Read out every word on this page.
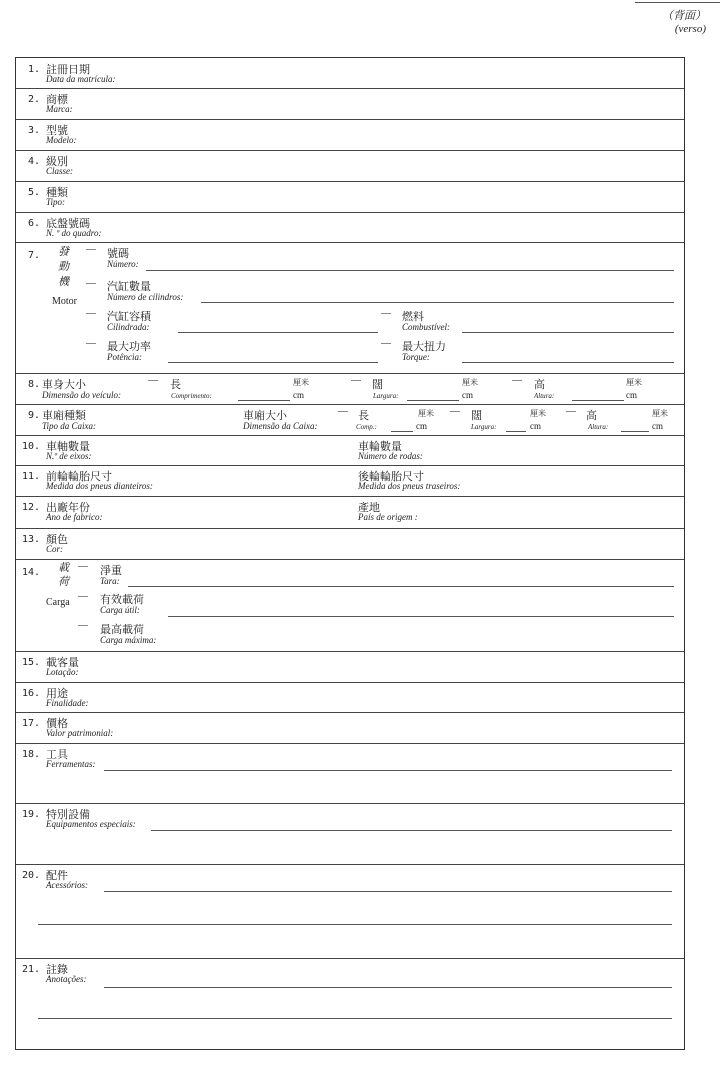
（背面）
(verso)
1. 註冊日期
Data da matrícula:
2. 商標
Marca:
3. 型號
Modelo:
4. 級別
Classe:
5. 種類
Tipo:
6. 底盤號碼
N. º do quadro:
7. 發動機
Motor
— 號碼
Número:
— 汽缸數量
Número de cilindros:
— 汽缸容積
Cilindrada:
— 燃料
Combustível:
— 最大功率
Potência:
— 最大扭力
Torque:
8. 車身大小
Dimensão do veículo:
— 長
Comprimento:
厘米
cm
— 闊
Largura:
厘米
cm
— 高
Altura:
厘米
cm
9. 車廂種類
Tipo da Caixa:
車廂大小
Dimensão da Caixa:
— 長
Comp.:
厘米
cm
— 闊
Largura:
厘米
cm
— 高
Altura:
厘米
cm
10. 車軸數量
N.º de eixos:
車輪數量
Número de rodas:
11. 前輪輪胎尺寸
Medida dos pneus dianteiros:
後輪輪胎尺寸
Medida dos pneus traseiros:
12. 出廠年份
Ano de fabrico:
產地
País de origem :
13. 顏色
Cor:
14. 載荷
Carga
— 淨重
Tara:
— 有效載荷
Carga útil:
— 最高載荷
Carga máxima:
15. 載客量
Lotação:
16. 用途
Finalidade:
17. 價格
Valor patrimonial:
18. 工具
Ferramentas:
19. 特別設備
Equipamentos especiais:
20. 配件
Acessórios:
21. 註錄
Anotações:
